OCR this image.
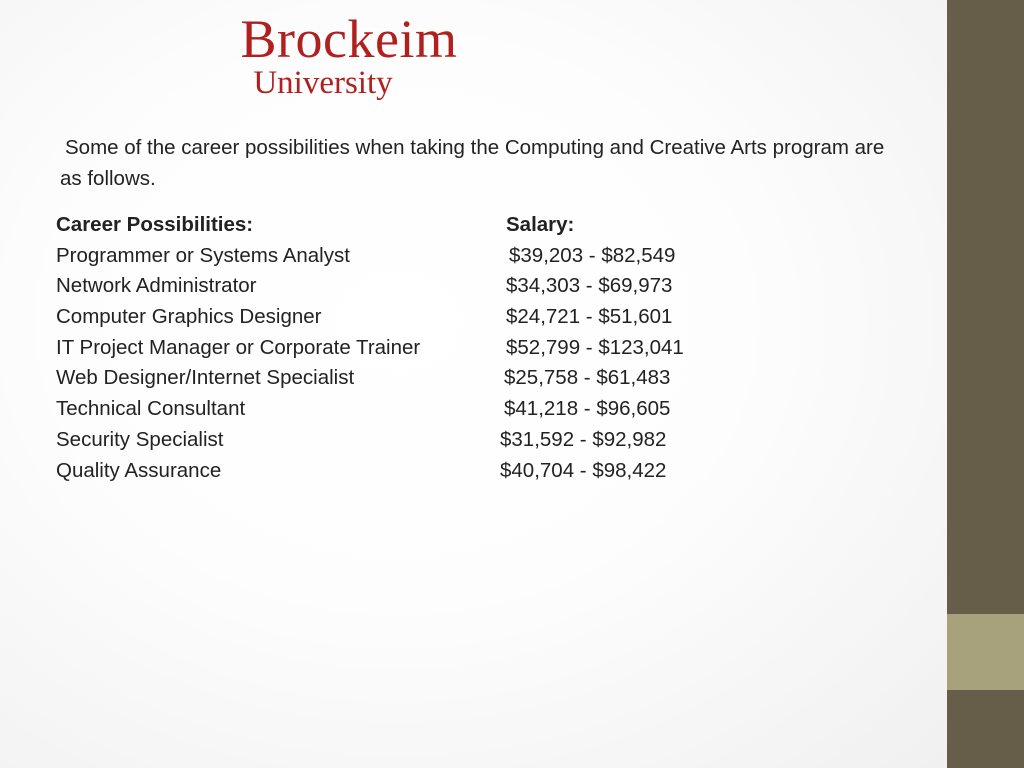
Brockeim
University
Some of the career possibilities when taking the Computing and Creative Arts program are as follows.
Career Possibilities:	Salary:
Programmer or Systems Analyst	$39,203 - $82,549
Network Administrator	$34,303 - $69,973
Computer Graphics Designer	$24,721 - $51,601
IT Project Manager or Corporate Trainer	$52,799 - $123,041
Web Designer/Internet Specialist	$25,758 - $61,483
Technical Consultant	$41,218 - $96,605
Security Specialist	$31,592 - $92,982
Quality Assurance	$40,704 - $98,422
